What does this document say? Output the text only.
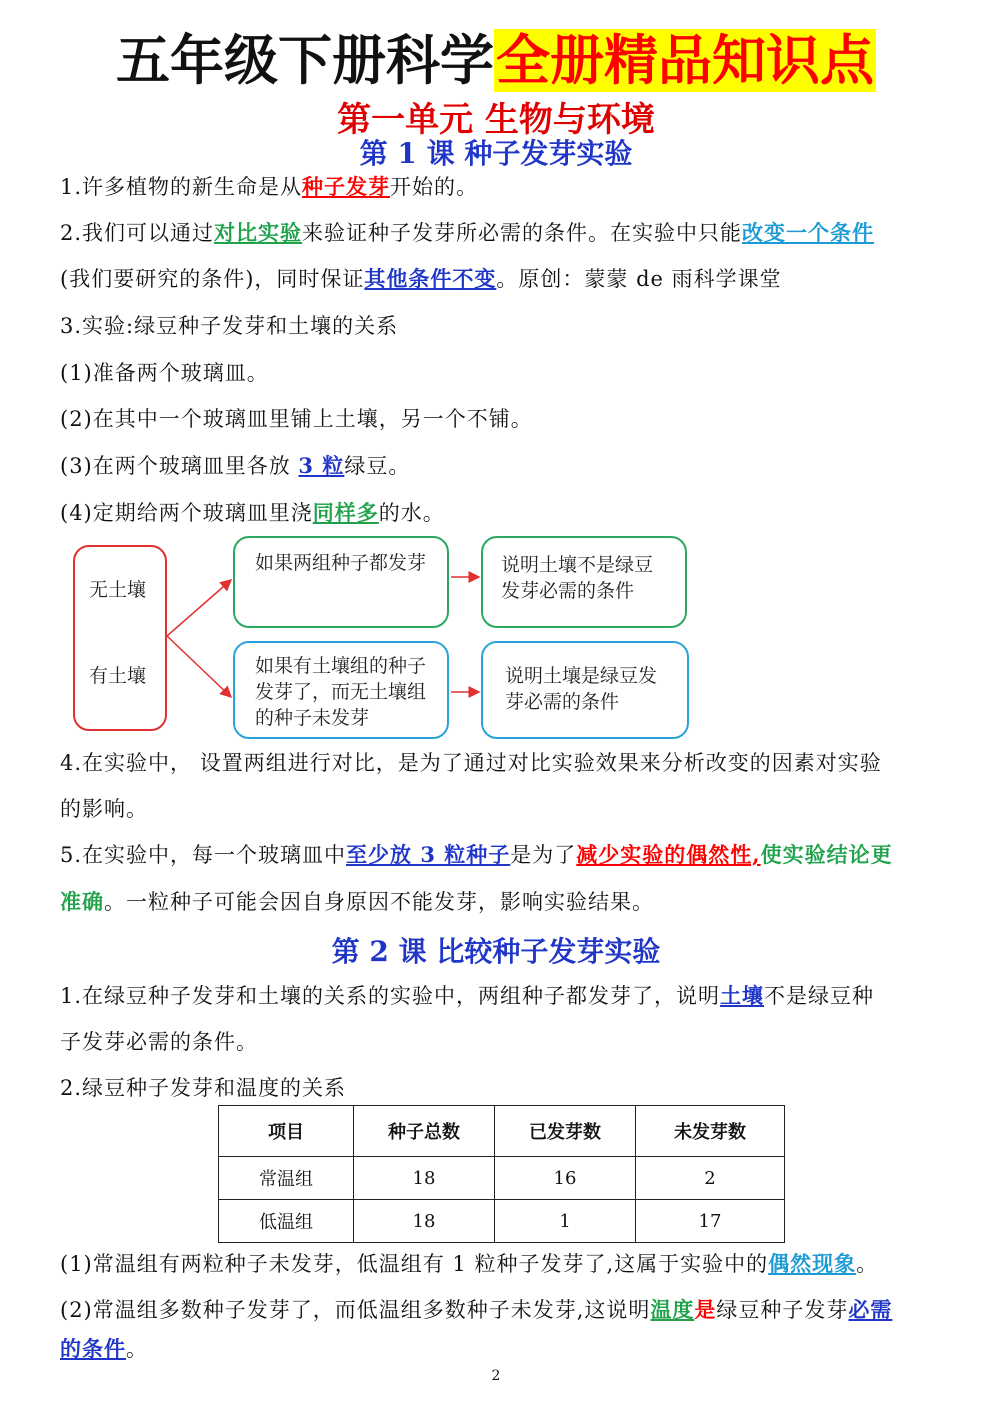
五年级下册科学全册精品知识点
第一单元 生物与环境
第 1 课 种子发芽实验
1.许多植物的新生命是从种子发芽开始的。
2.我们可以通过对比实验来验证种子发芽所必需的条件。在实验中只能改变一个条件
(我们要研究的条件)，同时保证其他条件不变。原创：蒙蒙 de 雨科学课堂
3.实验:绿豆种子发芽和土壤的关系
(1)准备两个玻璃皿。
(2)在其中一个玻璃皿里铺上土壤，另一个不铺。
(3)在两个玻璃皿里各放 3 粒绿豆。
(4)定期给两个玻璃皿里浇同样多的水。
无土壤
有土壤
如果两组种子都发芽
如果有土壤组的种子发芽了，而无土壤组的种子未发芽
说明土壤不是绿豆发芽必需的条件
说明土壤是绿豆发芽必需的条件
4.在实验中， 设置两组进行对比，是为了通过对比实验效果来分析改变的因素对实验
的影响。
5.在实验中，每一个玻璃皿中至少放 3 粒种子是为了减少实验的偶然性,使实验结论更
准确。一粒种子可能会因自身原因不能发芽，影响实验结果。
第 2 课 比较种子发芽实验
1.在绿豆种子发芽和土壤的关系的实验中，两组种子都发芽了，说明土壤不是绿豆种
子发芽必需的条件。
2.绿豆种子发芽和温度的关系
项目	种子总数	已发芽数	未发芽数
常温组	18	16	2
低温组	18	1	17
(1)常温组有两粒种子未发芽，低温组有 1 粒种子发芽了,这属于实验中的偶然现象。
(2)常温组多数种子发芽了，而低温组多数种子未发芽,这说明温度是绿豆种子发芽必需
的条件。
2
